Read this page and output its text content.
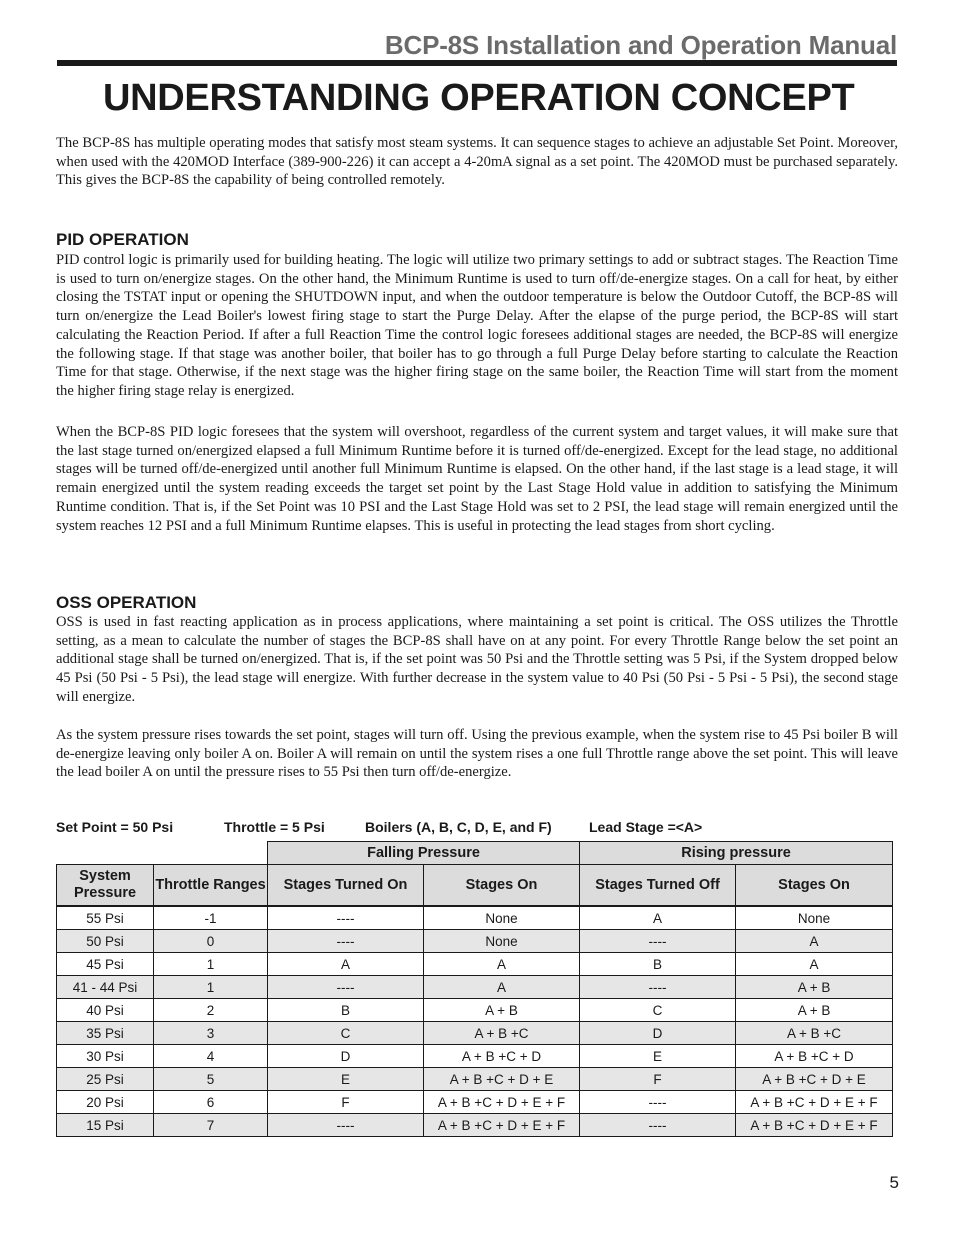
BCP-8S Installation and Operation Manual
UNDERSTANDING OPERATION CONCEPT

The BCP-8S has multiple operating modes that satisfy most steam systems. It can sequence stages to achieve an adjustable Set Point. Moreover, when used with the 420MOD Interface (389-900-226) it can accept a 4-20mA signal as a set point. The 420MOD must be purchased separately. This gives the BCP-8S the capability of being controlled remotely.

PID OPERATION

PID control logic is primarily used for building heating. The logic will utilize two primary settings to add or subtract stages. The Reaction Time is used to turn on/energize stages. On the other hand, the Minimum Runtime is used to turn off/de-energize stages. On a call for heat, by either closing the TSTAT input or opening the SHUTDOWN input, and when the outdoor temperature is below the Outdoor Cutoff, the BCP-8S will turn on/energize the Lead Boiler's lowest firing stage to start the Purge Delay. After the elapse of the purge period, the BCP-8S will start calculating the Reaction Period. If after a full Reaction Time the control logic foresees additional stages are needed, the BCP-8S will energize the following stage. If that stage was another boiler, that boiler has to go through a full Purge Delay before starting to calculate the Reaction Time for that stage. Otherwise, if the next stage was the higher firing stage on the same boiler, the Reaction Time will start from the moment the higher firing stage relay is energized.

When the BCP-8S PID logic foresees that the system will overshoot, regardless of the current system and target values, it will make sure that the last stage turned on/energized elapsed a full Minimum Runtime before it is turned off/de-energized. Except for the lead stage, no additional stages will be turned off/de-energized until another full Minimum Runtime is elapsed. On the other hand, if the last stage is a lead stage, it will remain energized until the system reading exceeds the target set point by the Last Stage Hold value in addition to satisfying the Minimum Runtime condition. That is, if the Set Point was 10 PSI and the Last Stage Hold was set to 2 PSI, the lead stage will remain energized until the system reaches 12 PSI and a full Minimum Runtime elapses. This is useful in protecting the lead stages from short cycling.

OSS OPERATION

OSS is used in fast reacting application as in process applications, where maintaining a set point is critical. The OSS utilizes the Throttle setting, as a mean to calculate the number of stages the BCP-8S shall have on at any point. For every Throttle Range below the set point an additional stage shall be turned on/energized. That is, if the set point was 50 Psi and the Throttle setting was 5 Psi, if the System dropped below 45 Psi (50 Psi - 5 Psi), the lead stage will energize. With further decrease in the system value to 40 Psi (50 Psi - 5 Psi - 5 Psi), the second stage will energize.

As the system pressure rises towards the set point, stages will turn off. Using the previous example, when the system rise to 45 Psi boiler B will de-energize leaving only boiler A on. Boiler A will remain on until the system rises a one full Throttle range above the set point. This will leave the lead boiler A on until the pressure rises to 55 Psi then turn off/de-energize.

Set Point = 50 Psi	Throttle = 5 Psi	Boilers (A, B, C, D, E, and F)	Lead Stage =<A>
		Falling Pressure		Rising pressure	
System Pressure	Throttle Ranges	Stages Turned On	Stages On	Stages Turned Off	Stages On
55 Psi	-1	----	None	A	None
50 Psi	0	----	None	----	A
45 Psi	1	A	A	B	A
41 - 44 Psi	1	----	A	----	A + B
40 Psi	2	B	A + B	C	A + B
35 Psi	3	C	A + B +C	D	A + B +C
30 Psi	4	D	A + B +C + D	E	A + B +C + D
25 Psi	5	E	A + B +C + D + E	F	A + B +C + D + E
20 Psi	6	F	A + B +C + D + E + F	----	A + B +C + D + E + F
15 Psi	7	----	A + B +C + D + E + F	----	A + B +C + D + E + F
5
